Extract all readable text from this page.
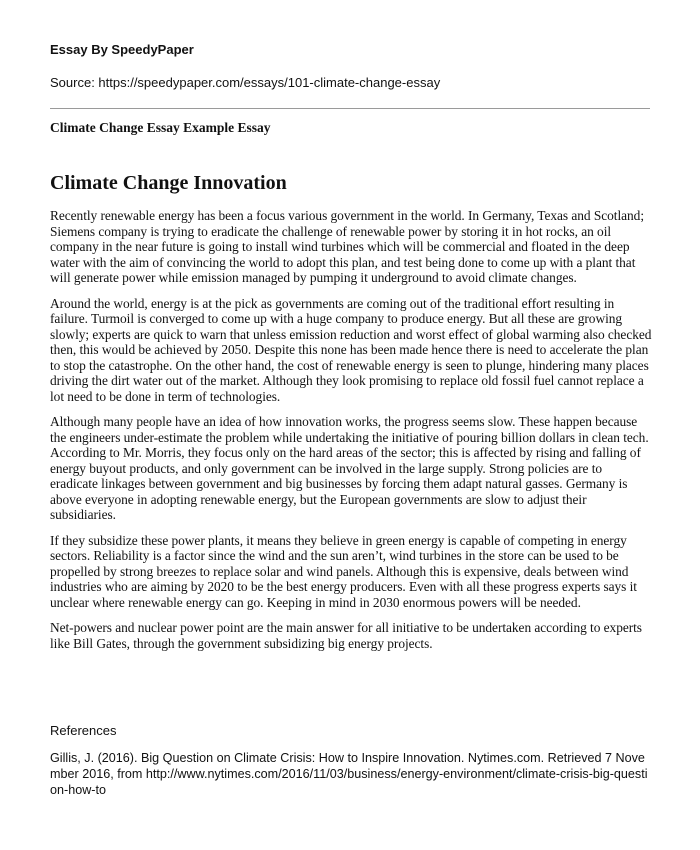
Essay By SpeedyPaper

Source: https://speedypaper.com/essays/101-climate-change-essay

Climate Change Essay Example Essay

Climate Change Innovation

Recently renewable energy has been a focus various government in the world. In Germany, Texas and Scotland; Siemens company is trying to eradicate the challenge of renewable power by storing it in hot rocks, an oil company in the near future is going to install wind turbines which will be commercial and floated in the deep water with the aim of convincing the world to adopt this plan, and test being done to come up with a plant that will generate power while emission managed by pumping it underground to avoid climate changes.

Around the world, energy is at the pick as governments are coming out of the traditional effort resulting in failure. Turmoil is converged to come up with a huge company to produce energy. But all these are growing slowly; experts are quick to warn that unless emission reduction and worst effect of global warming also checked then, this would be achieved by 2050. Despite this none has been made hence there is need to accelerate the plan to stop the catastrophe. On the other hand, the cost of renewable energy is seen to plunge, hindering many places driving the dirt water out of the market. Although they look promising to replace old fossil fuel cannot replace a lot need to be done in term of technologies.

Although many people have an idea of how innovation works, the progress seems slow. These happen because the engineers under-estimate the problem while undertaking the initiative of pouring billion dollars in clean tech. According to Mr. Morris, they focus only on the hard areas of the sector; this is affected by rising and falling of energy buyout products, and only government can be involved in the large supply. Strong policies are to eradicate linkages between government and big businesses by forcing them adapt natural gasses. Germany is above everyone in adopting renewable energy, but the European governments are slow to adjust their subsidiaries.

If they subsidize these power plants, it means they believe in green energy is capable of competing in energy sectors. Reliability is a factor since the wind and the sun aren’t, wind turbines in the store can be used to be propelled by strong breezes to replace solar and wind panels. Although this is expensive, deals between wind industries who are aiming by 2020 to be the best energy producers. Even with all these progress experts says it unclear where renewable energy can go. Keeping in mind in 2030 enormous powers will be needed.

Net-powers and nuclear power point are the main answer for all initiative to be undertaken according to experts like Bill Gates, through the government subsidizing big energy projects.

References

Gillis, J. (2016). Big Question on Climate Crisis: How to Inspire Innovation. Nytimes.com. Retrieved 7 November 2016, from http://www.nytimes.com/2016/11/03/business/energy-environment/climate-crisis-big-question-how-to
